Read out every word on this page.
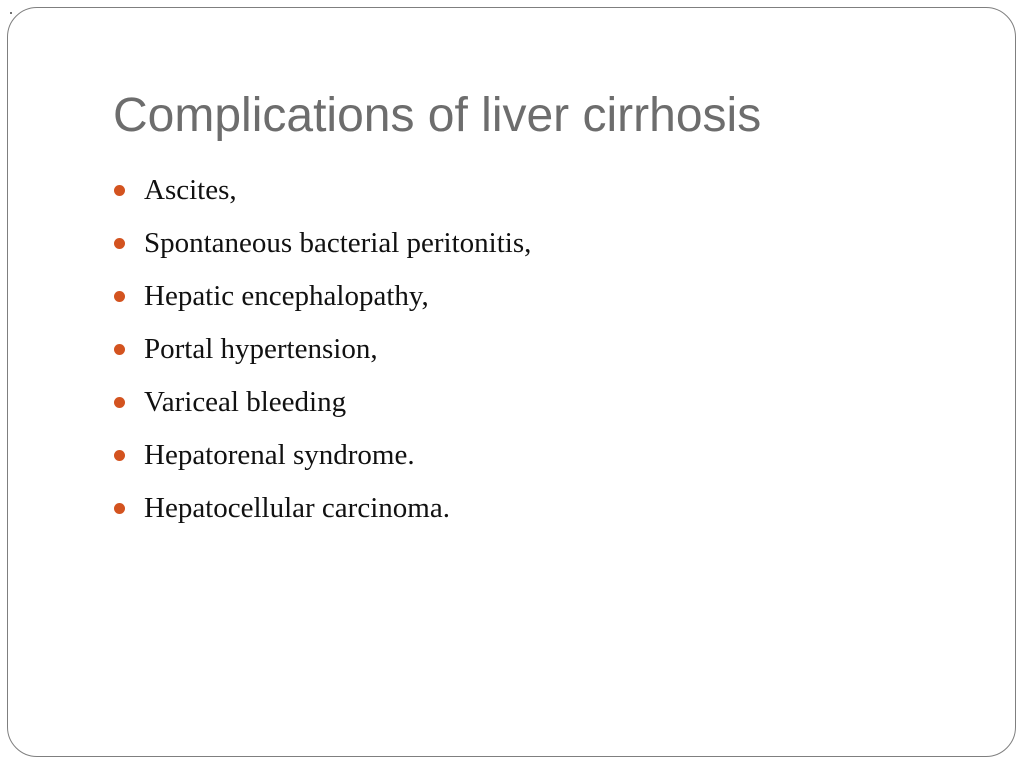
Complications of liver cirrhosis
Ascites,
Spontaneous bacterial peritonitis,
Hepatic encephalopathy,
Portal hypertension,
Variceal bleeding
Hepatorenal syndrome.
Hepatocellular carcinoma.
